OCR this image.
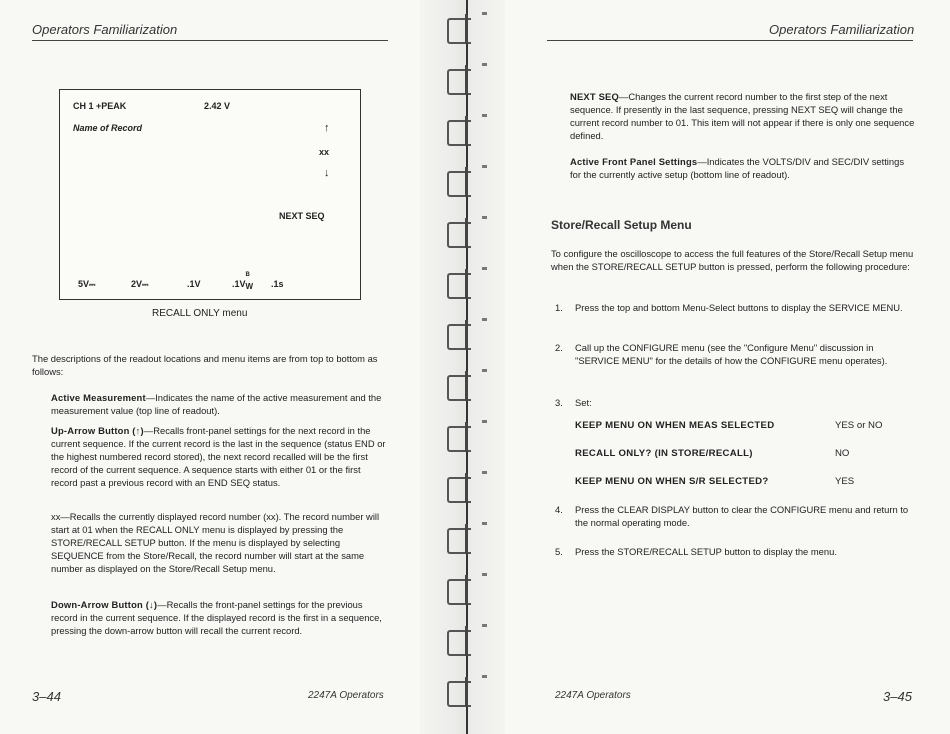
Operators Familiarization
CH 1 +PEAK	2.42 V
Name of Record	↑
xx
↓
NEXT SEQ
5V⎓	2V⎓	.1V	.1V
B
W .1s
RECALL ONLY menu
The descriptions of the readout locations and menu items are from top to bottom as follows:
Active Measurement—Indicates the name of the active measurement and the measurement value (top line of readout).
Up-Arrow Button (↑)—Recalls front-panel settings for the next record in the current sequence. If the current record is the last in the sequence (status END or the highest numbered record stored), the next record recalled will be the first record of the current sequence. A sequence starts with either 01 or the first record past a previous record with an END SEQ status.
xx—Recalls the currently displayed record number (xx). The record number will start at 01 when the RECALL ONLY menu is displayed by pressing the STORE/RECALL SETUP button. If the menu is displayed by selecting SEQUENCE from the Store/Recall, the record number will start at the same number as displayed on the Store/Recall Setup menu.
Down-Arrow Button (↓)—Recalls the front-panel settings for the previous record in the current sequence. If the displayed record is the first in a sequence, pressing the down-arrow button will recall the current record.
3–44	2247A Operators
Operators Familiarization
NEXT SEQ—Changes the current record number to the first step of the next sequence. If presently in the last sequence, pressing NEXT SEQ will change the current record number to 01. This item will not appear if there is only one sequence defined.
Active Front Panel Settings—Indicates the VOLTS/DIV and SEC/DIV settings for the currently active setup (bottom line of readout).
Store/Recall Setup Menu
To configure the oscilloscope to access the full features of the Store/Recall Setup menu when the STORE/RECALL SETUP button is pressed, perform the following procedure:
1. Press the top and bottom Menu-Select buttons to display the SERVICE MENU.
2. Call up the CONFIGURE menu (see the "Configure Menu" discussion in "SERVICE MENU" for the details of how the CONFIGURE menu operates).
3. Set:
KEEP MENU ON WHEN MEAS SELECTED	YES or NO
RECALL ONLY? (IN STORE/RECALL)	NO
KEEP MENU ON WHEN S/R SELECTED?	YES
4. Press the CLEAR DISPLAY button to clear the CONFIGURE menu and return to the normal operating mode.
5. Press the STORE/RECALL SETUP button to display the menu.
2247A Operators	3–45
